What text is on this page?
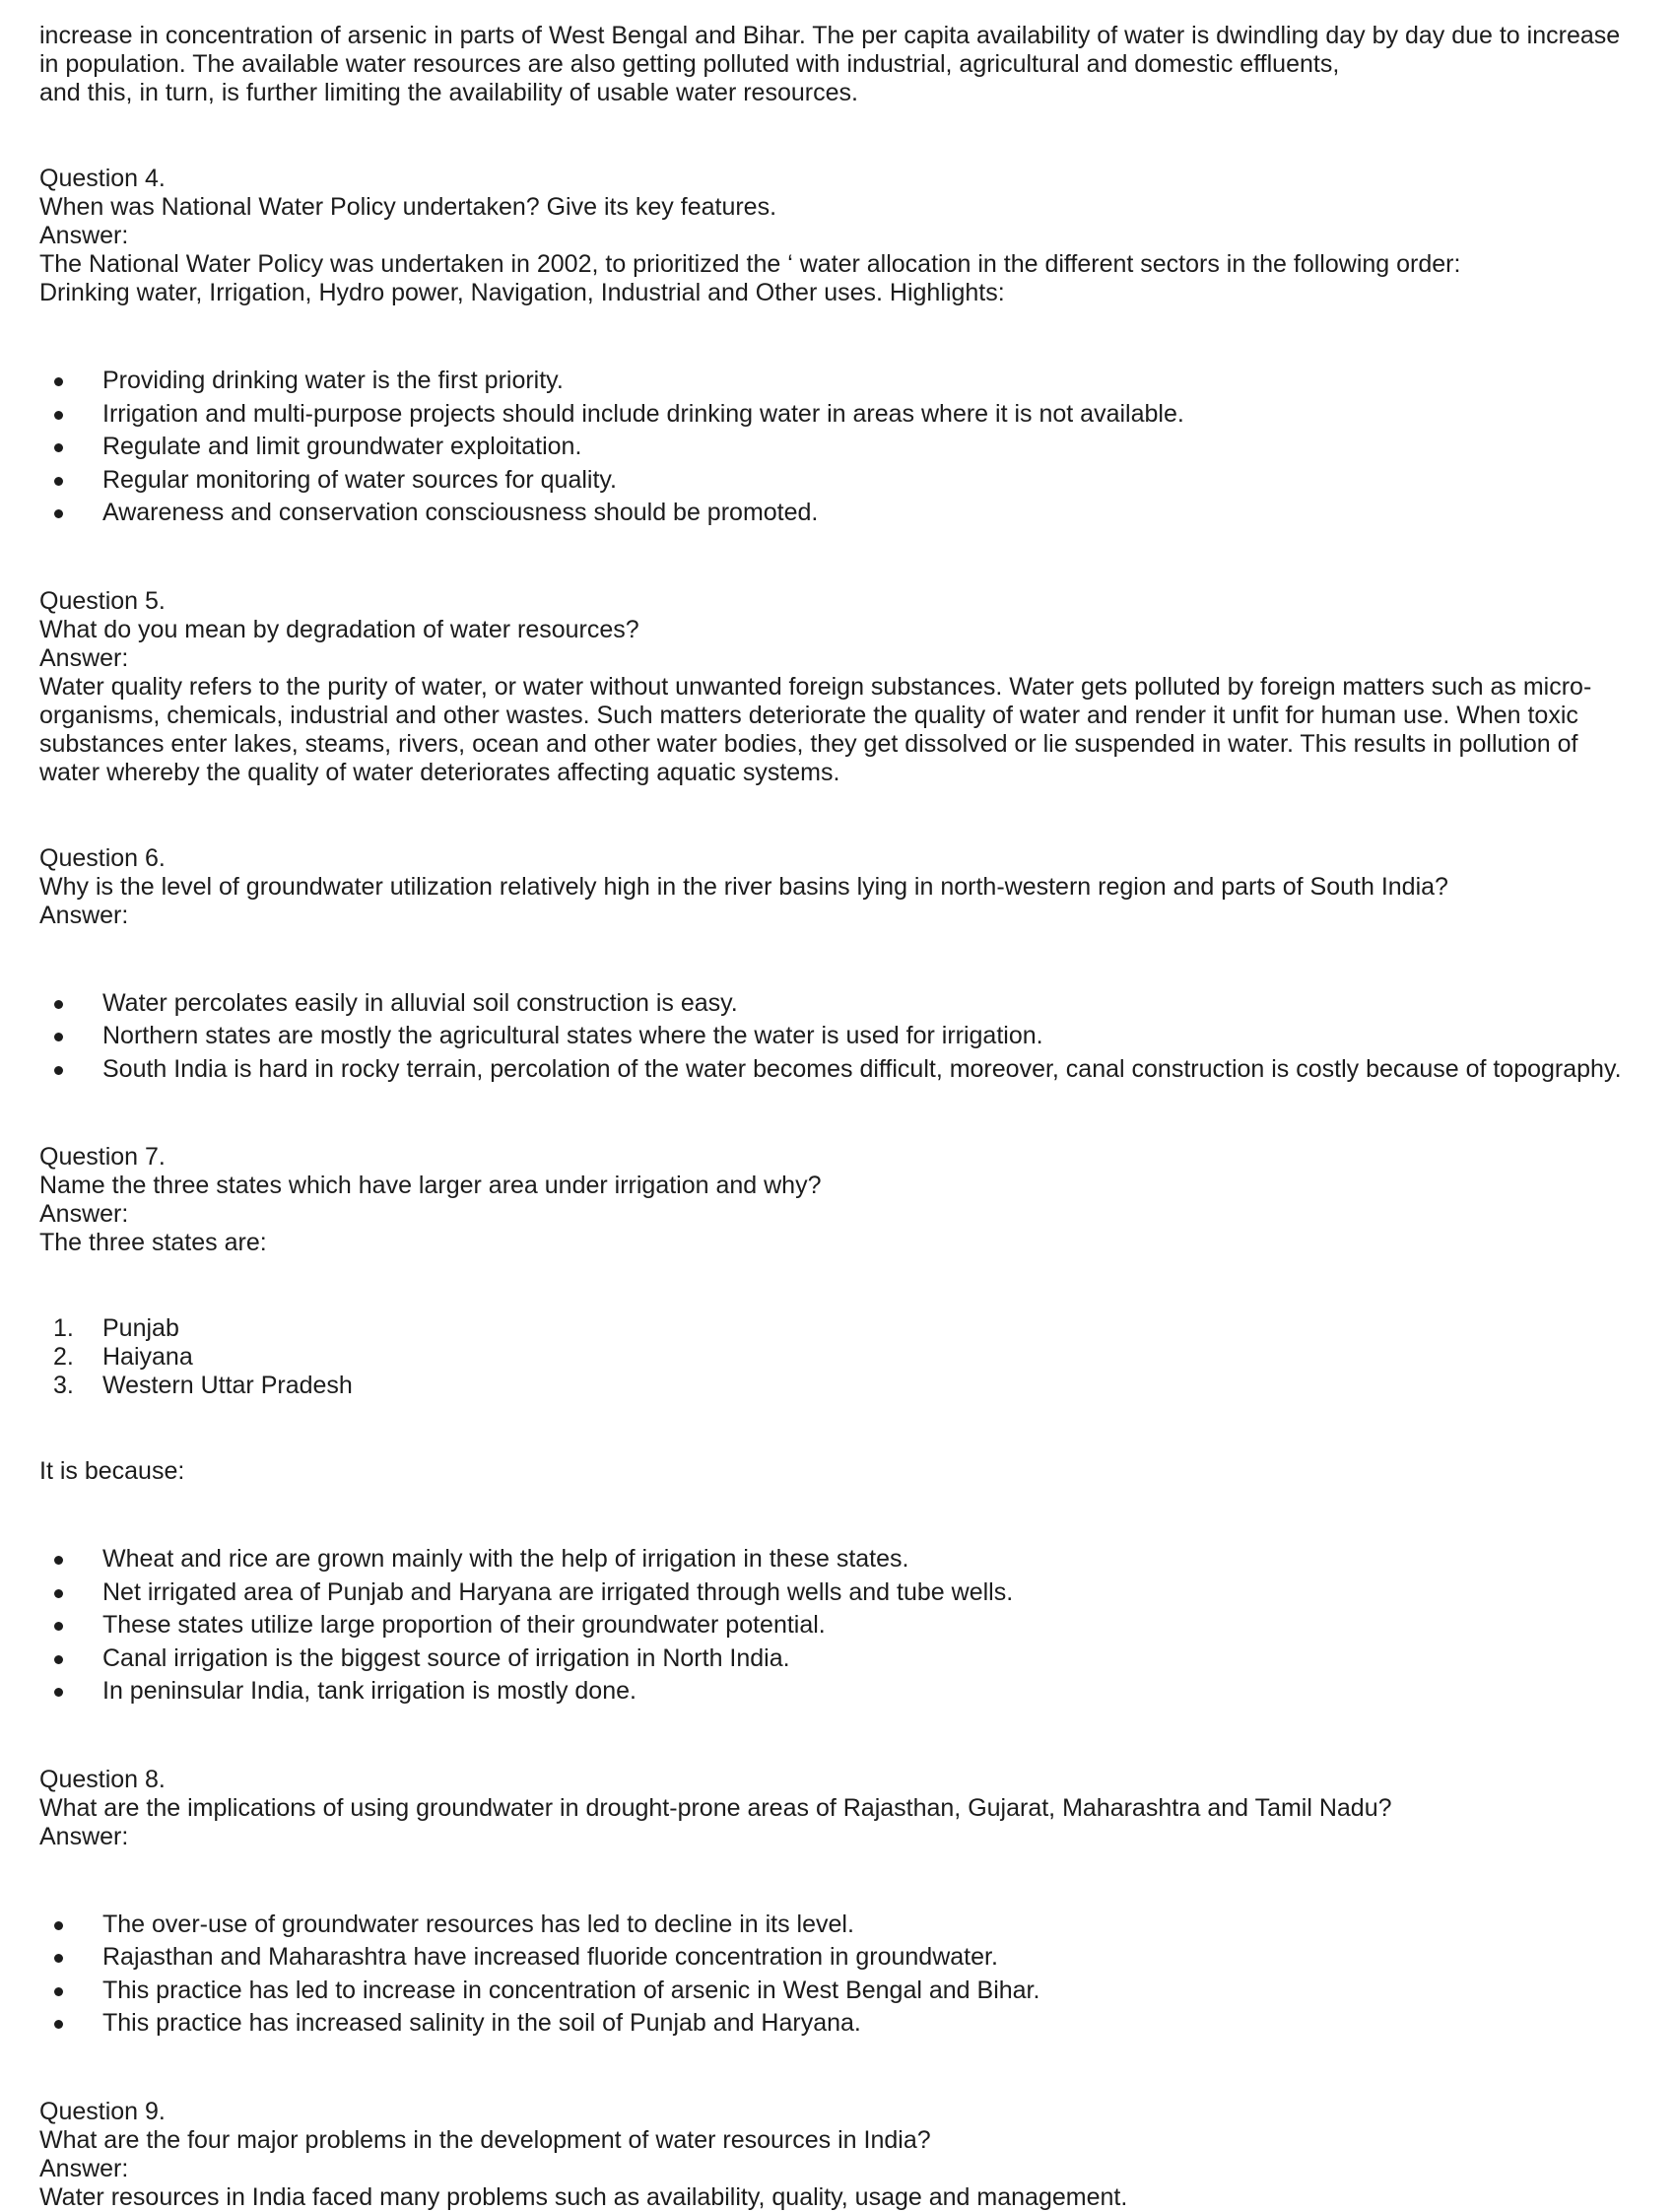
increase in concentration of arsenic in parts of West Bengal and Bihar. The per capita availability of water is dwindling day by day due to increase
in population. The available water resources are also getting polluted with industrial, agricultural and domestic effluents,
and this, in turn, is further limiting the availability of usable water resources.

Question 4.
When was National Water Policy undertaken? Give its key features.
Answer:
The National Water Policy was undertaken in 2002, to prioritized the ‘ water allocation in the different sectors in the following order:
Drinking water, Irrigation, Hydro power, Navigation, Industrial and Other uses. Highlights:
Providing drinking water is the first priority.
Irrigation and multi-purpose projects should include drinking water in areas where it is not available.
Regulate and limit groundwater exploitation.
Regular monitoring of water sources for quality.
Awareness and conservation consciousness should be promoted.
Question 5.
What do you mean by degradation of water resources?
Answer:
Water quality refers to the purity of water, or water without unwanted foreign substances. Water gets polluted by foreign matters such as micro-
organisms, chemicals, industrial and other wastes. Such matters deteriorate the quality of water and render it unfit for human use. When toxic
substances enter lakes, steams, rivers, ocean and other water bodies, they get dissolved or lie suspended in water. This results in pollution of
water whereby the quality of water deteriorates affecting aquatic systems.
Question 6.
Why is the level of groundwater utilization relatively high in the river basins lying in north-western region and parts of South India?
Answer:
Water percolates easily in alluvial soil construction is easy.
Northern states are mostly the agricultural states where the water is used for irrigation.
South India is hard in rocky terrain, percolation of the water becomes difficult, moreover, canal construction is costly because of topography.
Question 7.
Name the three states which have larger area under irrigation and why?
Answer:
The three states are:
1. Punjab
2. Haiyana
3. Western Uttar Pradesh

It is because:

Wheat and rice are grown mainly with the help of irrigation in these states.
Net irrigated area of Punjab and Haryana are irrigated through wells and tube wells.
These states utilize large proportion of their groundwater potential.
Canal irrigation is the biggest source of irrigation in North India.
In peninsular India, tank irrigation is mostly done.
Question 8.
What are the implications of using groundwater in drought-prone areas of Rajasthan, Gujarat, Maharashtra and Tamil Nadu?
Answer:
The over-use of groundwater resources has led to decline in its level.
Rajasthan and Maharashtra have increased fluoride concentration in groundwater.
This practice has led to increase in concentration of arsenic in West Bengal and Bihar.
This practice has increased salinity in the soil of Punjab and Haryana.
Question 9.
What are the four major problems in the development of water resources in India?
Answer:
Water resources in India faced many problems such as availability, quality, usage and management.
